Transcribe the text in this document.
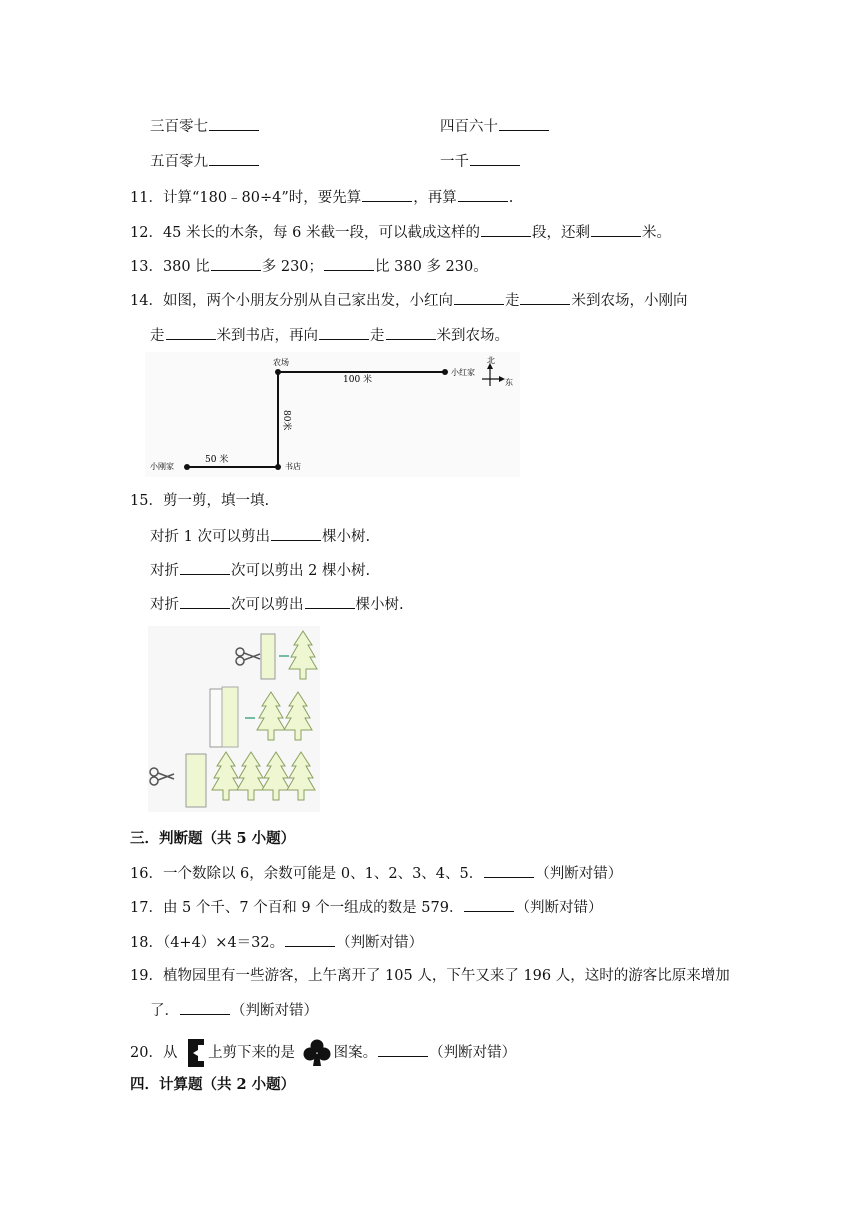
三百零七	四百六十
五百零九	一千
11．计算“180﹣80÷4”时，要先算	，再算	.
12．45 米长的木条，每 6 米截一段，可以截成这样的	段，还剩	米。
13．380 比	多 230；	比 380 多 230。
14．如图，两个小朋友分别从自己家出发，小红向	走	米到农场，小刚向
走	米到书店，再向	走	米到农场。
农场
小红家
书店
小刚家
100 米
80米
50 米
北
东
15．剪一剪，填一填.
对折 1 次可以剪出	棵小树.
对折	次可以剪出 2 棵小树.
对折	次可以剪出	棵小树.
三．判断题（共 5 小题）
16．一个数除以 6，余数可能是 0、1、2、3、4、5．	（判断对错）
17．由 5 个千、7 个百和 9 个一组成的数是 579．	（判断对错）
18．（4+4）×4＝32。	（判断对错）
19．植物园里有一些游客，上午离开了 105 人，下午又来了 196 人，这时的游客比原来增加
了．	（判断对错）
20．从 上剪下来的是	图案。	（判断对错）
四．计算题（共 2 小题）
